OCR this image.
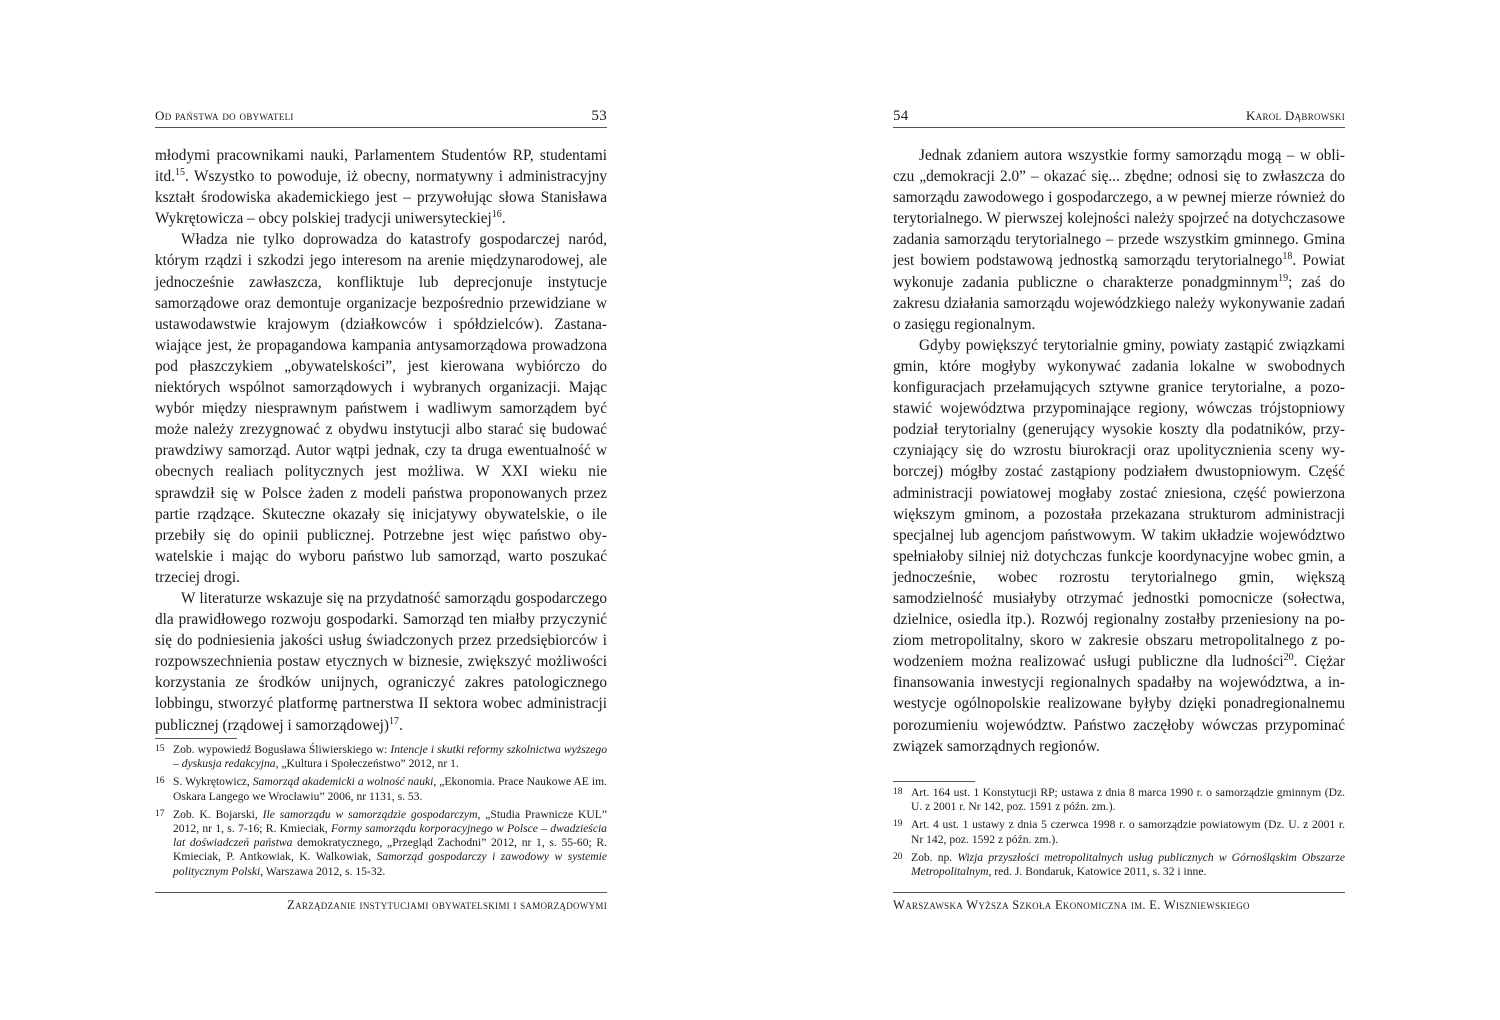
Od państwa do obywateli	53

młodymi pracownikami nauki, Parlamentem Studentów RP, studentami itd.$^{15}$. Wszystko to powoduje, iż obecny, normatywny i administracyjny kształt środowiska akademickiego jest – przywołując słowa Stanisława Wykrętowicza – obcy polskiej tradycji uniwersyteckiej$^{16}$.

Władza nie tylko doprowadza do katastrofy gospodarczej naród, którym rządzi i szkodzi jego interesom na arenie międzynarodowej, ale jednocześnie zawłaszcza, konfliktuje lub deprecjonuje instytucje samorządowe oraz demontuje organizacje bezpośrednio przewidziane w ustawodawstwie krajowym (działkowców i spółdzielców). Zastanawiające jest, że propagandowa kampania antysamorządowa prowadzona pod płaszczykiem „obywatelskości”, jest kierowana wybiórczo do niektórych wspólnot samorządowych i wybranych organizacji. Mając wybór między niesprawnym państwem i wadliwym samorządem być może należy zrezygnować z obydwu instytucji albo starać się budować prawdziwy samorząd. Autor wątpi jednak, czy ta druga ewentualność w obecnych realiach politycznych jest możliwa. W XXI wieku nie sprawdził się w Polsce żaden z modeli państwa proponowanych przez partie rządzące. Skuteczne okazały się inicjatywy obywatelskie, o ile przebiły się do opinii publicznej. Potrzebne jest więc państwo obywatelskie i mając do wyboru państwo lub samorząd, warto poszukać trzeciej drogi.

W literaturze wskazuje się na przydatność samorządu gospodarczego dla prawidłowego rozwoju gospodarki. Samorząd ten miałby przyczynić się do podniesienia jakości usług świadczonych przez przedsiębiorców i rozpowszechnienia postaw etycznych w biznesie, zwiększyć możliwości korzystania ze środków unijnych, ograniczyć zakres patologicznego lobbingu, stworzyć platformę partnerstwa II sektora wobec administracji publicznej (rządowej i samorządowej)$^{17}$.

15 Zob. wypowiedź Bogusława Śliwierskiego w: Intencje i skutki reformy szkolnictwa wyższego – dyskusja redakcyjna, „Kultura i Społeczeństwo” 2012, nr 1.
16 S. Wykrętowicz, Samorząd akademicki a wolność nauki, „Ekonomia. Prace Naukowe AE im. Oskara Langego we Wrocławiu” 2006, nr 1131, s. 53.
17 Zob. K. Bojarski, Ile samorządu w samorządzie gospodarczym, „Studia Prawnicze KUL” 2012, nr 1, s. 7-16; R. Kmieciak, Formy samorządu korporacyjnego w Polsce – dwadzieścia lat doświadczeń państwa demokratycznego, „Przegląd Zachodni” 2012, nr 1, s. 55-60; R. Kmieciak, P. Antkowiak, K. Walkowiak, Samorząd gospodarczy i zawodowy w systemie politycznym Polski, Warszawa 2012, s. 15-32.
Zarządzanie instytucjami obywatelskimi i samorządowymi
54	Karol Dąbrowski

Jednak zdaniem autora wszystkie formy samorządu mogą – w obliczu „demokracji 2.0” – okazać się... zbędne; odnosi się to zwłaszcza do samorządu zawodowego i gospodarczego, a w pewnej mierze również do terytorialnego. W pierwszej kolejności należy spojrzeć na dotychczasowe zadania samorządu terytorialnego – przede wszystkim gminnego. Gmina jest bowiem podstawową jednostką samorządu terytorialnego$^{18}$. Powiat wykonuje zadania publiczne o charakterze ponadgminnym$^{19}$; zaś do zakresu działania samorządu wojewódzkiego należy wykonywanie zadań o zasięgu regionalnym.

Gdyby powiększyć terytorialnie gminy, powiaty zastąpić związkami gmin, które mogłyby wykonywać zadania lokalne w swobodnych konfiguracjach przełamujących sztywne granice terytorialne, a pozostawić województwa przypominające regiony, wówczas trójstopniowy podział terytorialny (generujący wysokie koszty dla podatników, przyczyniający się do wzrostu biurokracji oraz upolitycznienia sceny wyborczej) mógłby zostać zastąpiony podziałem dwustopniowym. Część administracji powiatowej mogłaby zostać zniesiona, część powierzona większym gminom, a pozostała przekazana strukturom administracji specjalnej lub agencjom państwowym. W takim układzie województwo spełniałoby silniej niż dotychczas funkcje koordynacyjne wobec gmin, a jednocześnie, wobec rozrostu terytorialnego gmin, większą samodzielność musiałyby otrzymać jednostki pomocnicze (sołectwa, dzielnice, osiedla itp.). Rozwój regionalny zostałby przeniesiony na poziom metropolitalny, skoro w zakresie obszaru metropolitalnego z powodzeniem można realizować usługi publiczne dla ludności$^{20}$. Ciężar finansowania inwestycji regionalnych spadałby na województwa, a inwestycje ogólnopolskie realizowane byłyby dzięki ponadregionalnemu porozumieniu województw. Państwo zaczęłoby wówczas przypominać związek samorządnych regionów.

18 Art. 164 ust. 1 Konstytucji RP; ustawa z dnia 8 marca 1990 r. o samorządzie gminnym (Dz. U. z 2001 r. Nr 142, poz. 1591 z późn. zm.).
19 Art. 4 ust. 1 ustawy z dnia 5 czerwca 1998 r. o samorządzie powiatowym (Dz. U. z 2001 r. Nr 142, poz. 1592 z późn. zm.).
20 Zob. np. Wizja przyszłości metropolitalnych usług publicznych w Górnośląskim Obszarze Metropolitalnym, red. J. Bondaruk, Katowice 2011, s. 32 i inne.
Warszawska Wyższa Szkoła Ekonomiczna im. E. Wiszniewskiego
